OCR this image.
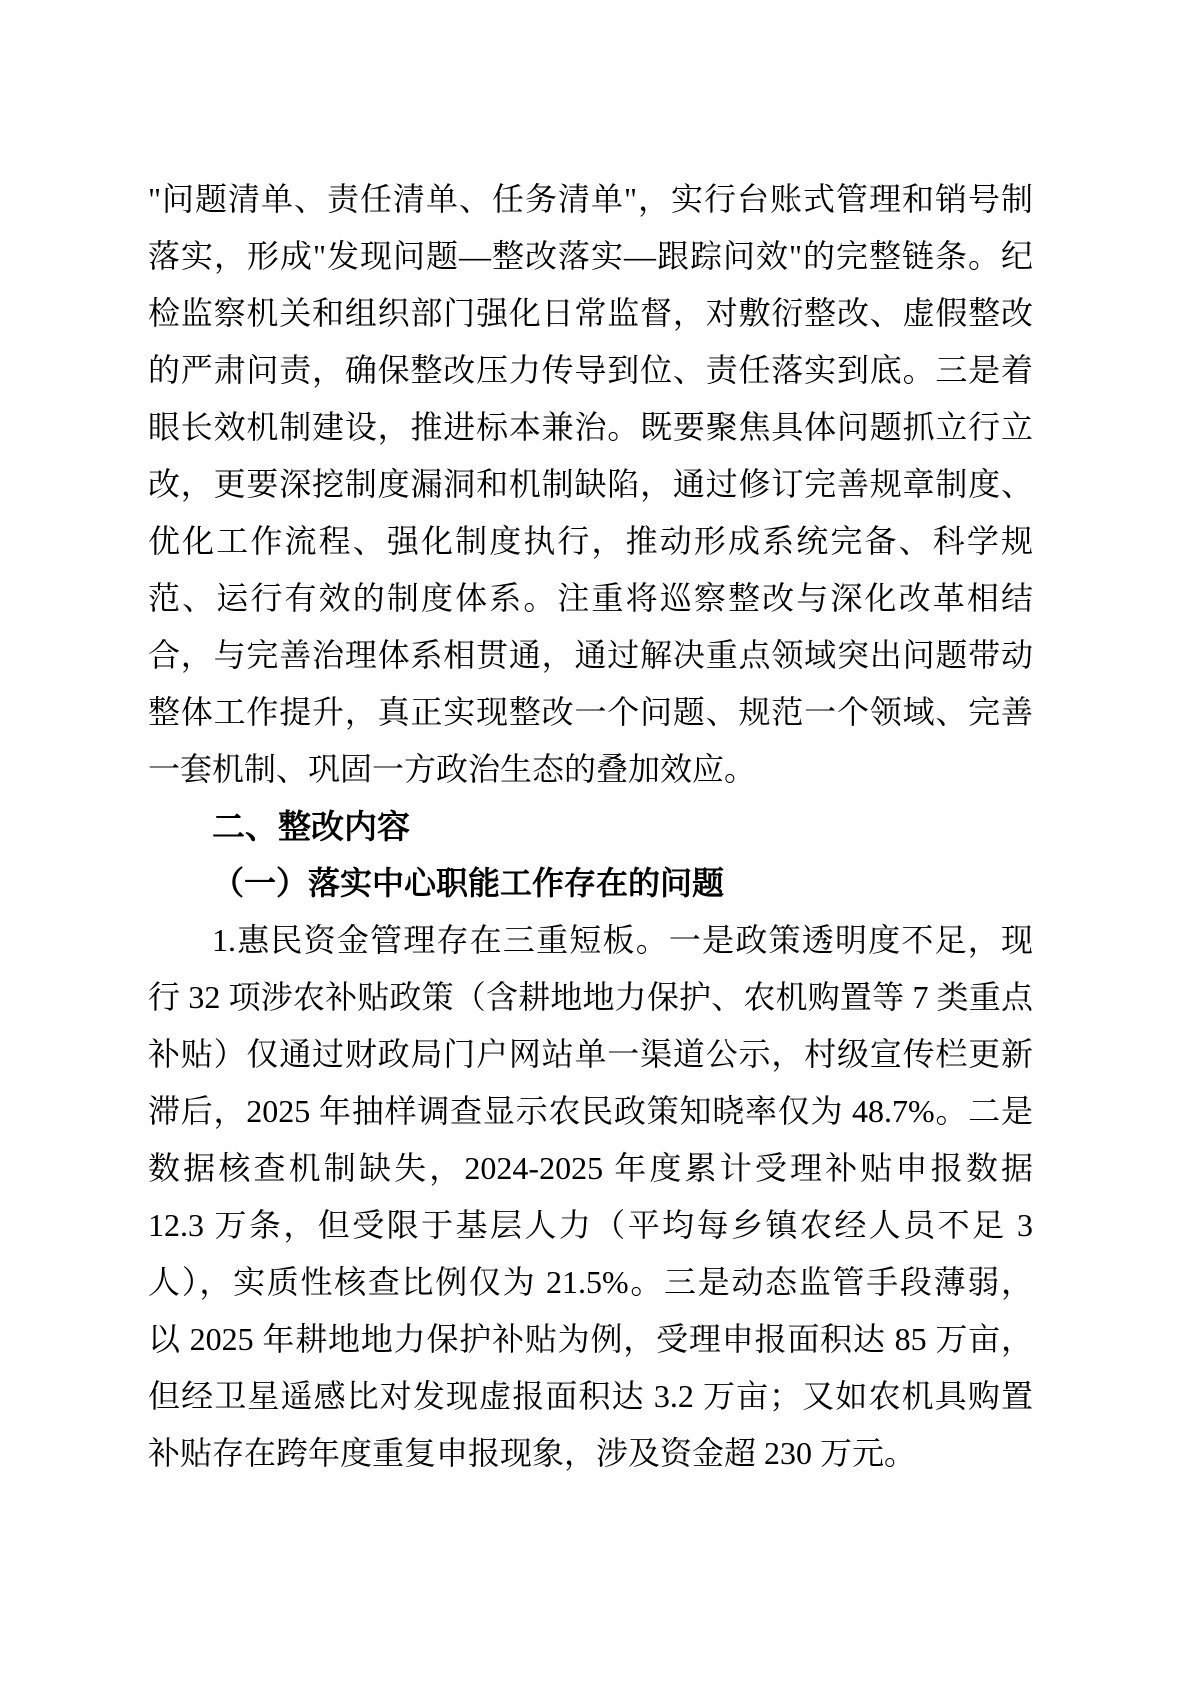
"问题清单、责任清单、任务清单"，实行台账式管理和销号制
落实，形成"发现问题—整改落实—跟踪问效"的完整链条。纪
检监察机关和组织部门强化日常监督，对敷衍整改、虚假整改
的严肃问责，确保整改压力传导到位、责任落实到底。三是着
眼长效机制建设，推进标本兼治。既要聚焦具体问题抓立行立
改，更要深挖制度漏洞和机制缺陷，通过修订完善规章制度、
优化工作流程、强化制度执行，推动形成系统完备、科学规
范、运行有效的制度体系。注重将巡察整改与深化改革相结
合，与完善治理体系相贯通，通过解决重点领域突出问题带动
整体工作提升，真正实现整改一个问题、规范一个领域、完善
一套机制、巩固一方政治生态的叠加效应。
二、整改内容
（一）落实中心职能工作存在的问题
1.惠民资金管理存在三重短板。一是政策透明度不足，现
行 32 项涉农补贴政策（含耕地地力保护、农机购置等 7 类重点
补贴）仅通过财政局门户网站单一渠道公示，村级宣传栏更新
滞后，2025 年抽样调查显示农民政策知晓率仅为 48.7%。二是
数据核查机制缺失，2024-2025 年度累计受理补贴申报数据
12.3 万条，但受限于基层人力（平均每乡镇农经人员不足 3
人），实质性核查比例仅为 21.5%。三是动态监管手段薄弱，
以 2025 年耕地地力保护补贴为例，受理申报面积达 85 万亩，
但经卫星遥感比对发现虚报面积达 3.2 万亩；又如农机具购置
补贴存在跨年度重复申报现象，涉及资金超 230 万元。
